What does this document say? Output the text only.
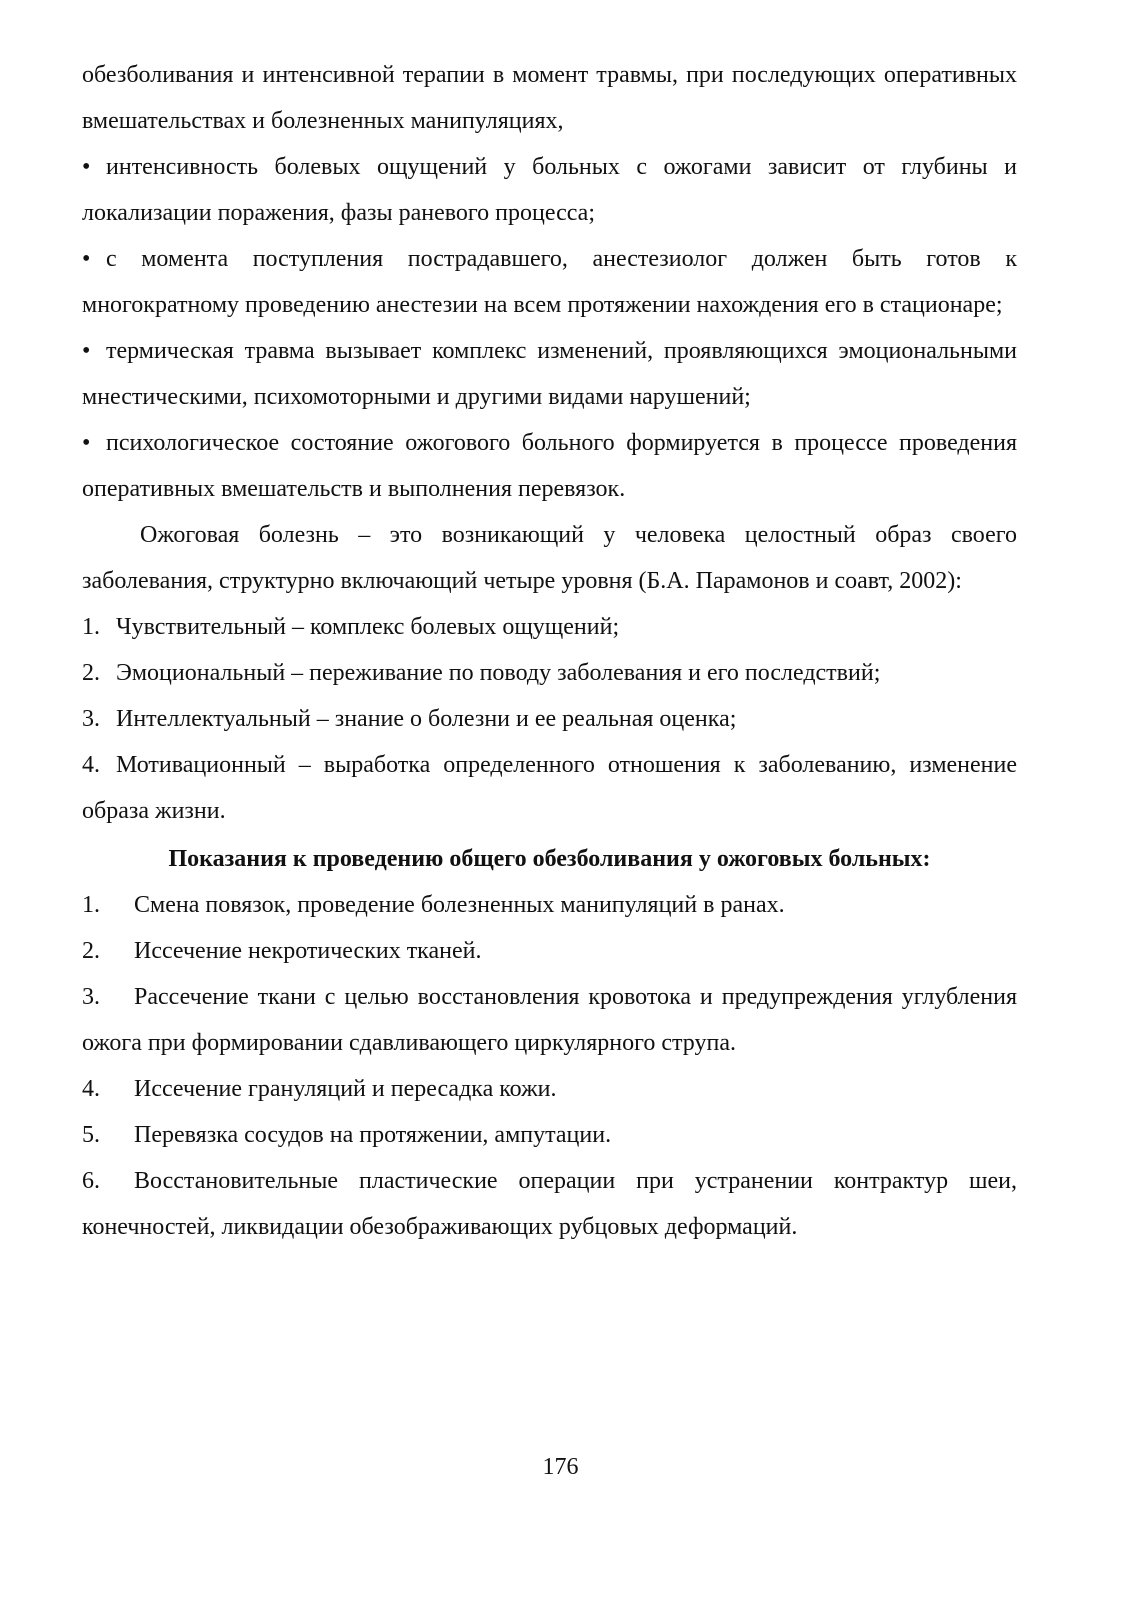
обезболивания и интенсивной терапии в момент травмы, при последующих оперативных вмешательствах и болезненных манипуляциях,

• интенсивность болевых ощущений у больных с ожогами зависит от глубины и локализации поражения, фазы раневого процесса;

• с момента поступления пострадавшего, анестезиолог должен быть готов к многократному проведению анестезии на всем протяжении нахождения его в стационаре;

• термическая травма вызывает комплекс изменений, проявляющихся эмоциональными мнестическими, психомоторными и другими видами нарушений;

• психологическое состояние ожогового больного формируется в процессе проведения оперативных вмешательств и выполнения перевязок.

Ожоговая болезнь – это возникающий у человека целостный образ своего заболевания, структурно включающий четыре уровня (Б.А. Парамонов и соавт, 2002):

1. Чувствительный – комплекс болевых ощущений;

2. Эмоциональный – переживание по поводу заболевания и его последствий;

3. Интеллектуальный – знание о болезни и ее реальная оценка;

4. Мотивационный – выработка определенного отношения к заболеванию, изменение образа жизни.

Показания к проведению общего обезболивания у ожоговых больных:

1. Смена повязок, проведение болезненных манипуляций в ранах.

2. Иссечение некротических тканей.

3. Рассечение ткани с целью восстановления кровотока и предупреждения углубления ожога при формировании сдавливающего циркулярного струпа.

4. Иссечение грануляций и пересадка кожи.

5. Перевязка сосудов на протяжении, ампутации.

6. Восстановительные пластические операции при устранении контрактур шеи, конечностей, ликвидации обезображивающих рубцовых деформаций.

176
